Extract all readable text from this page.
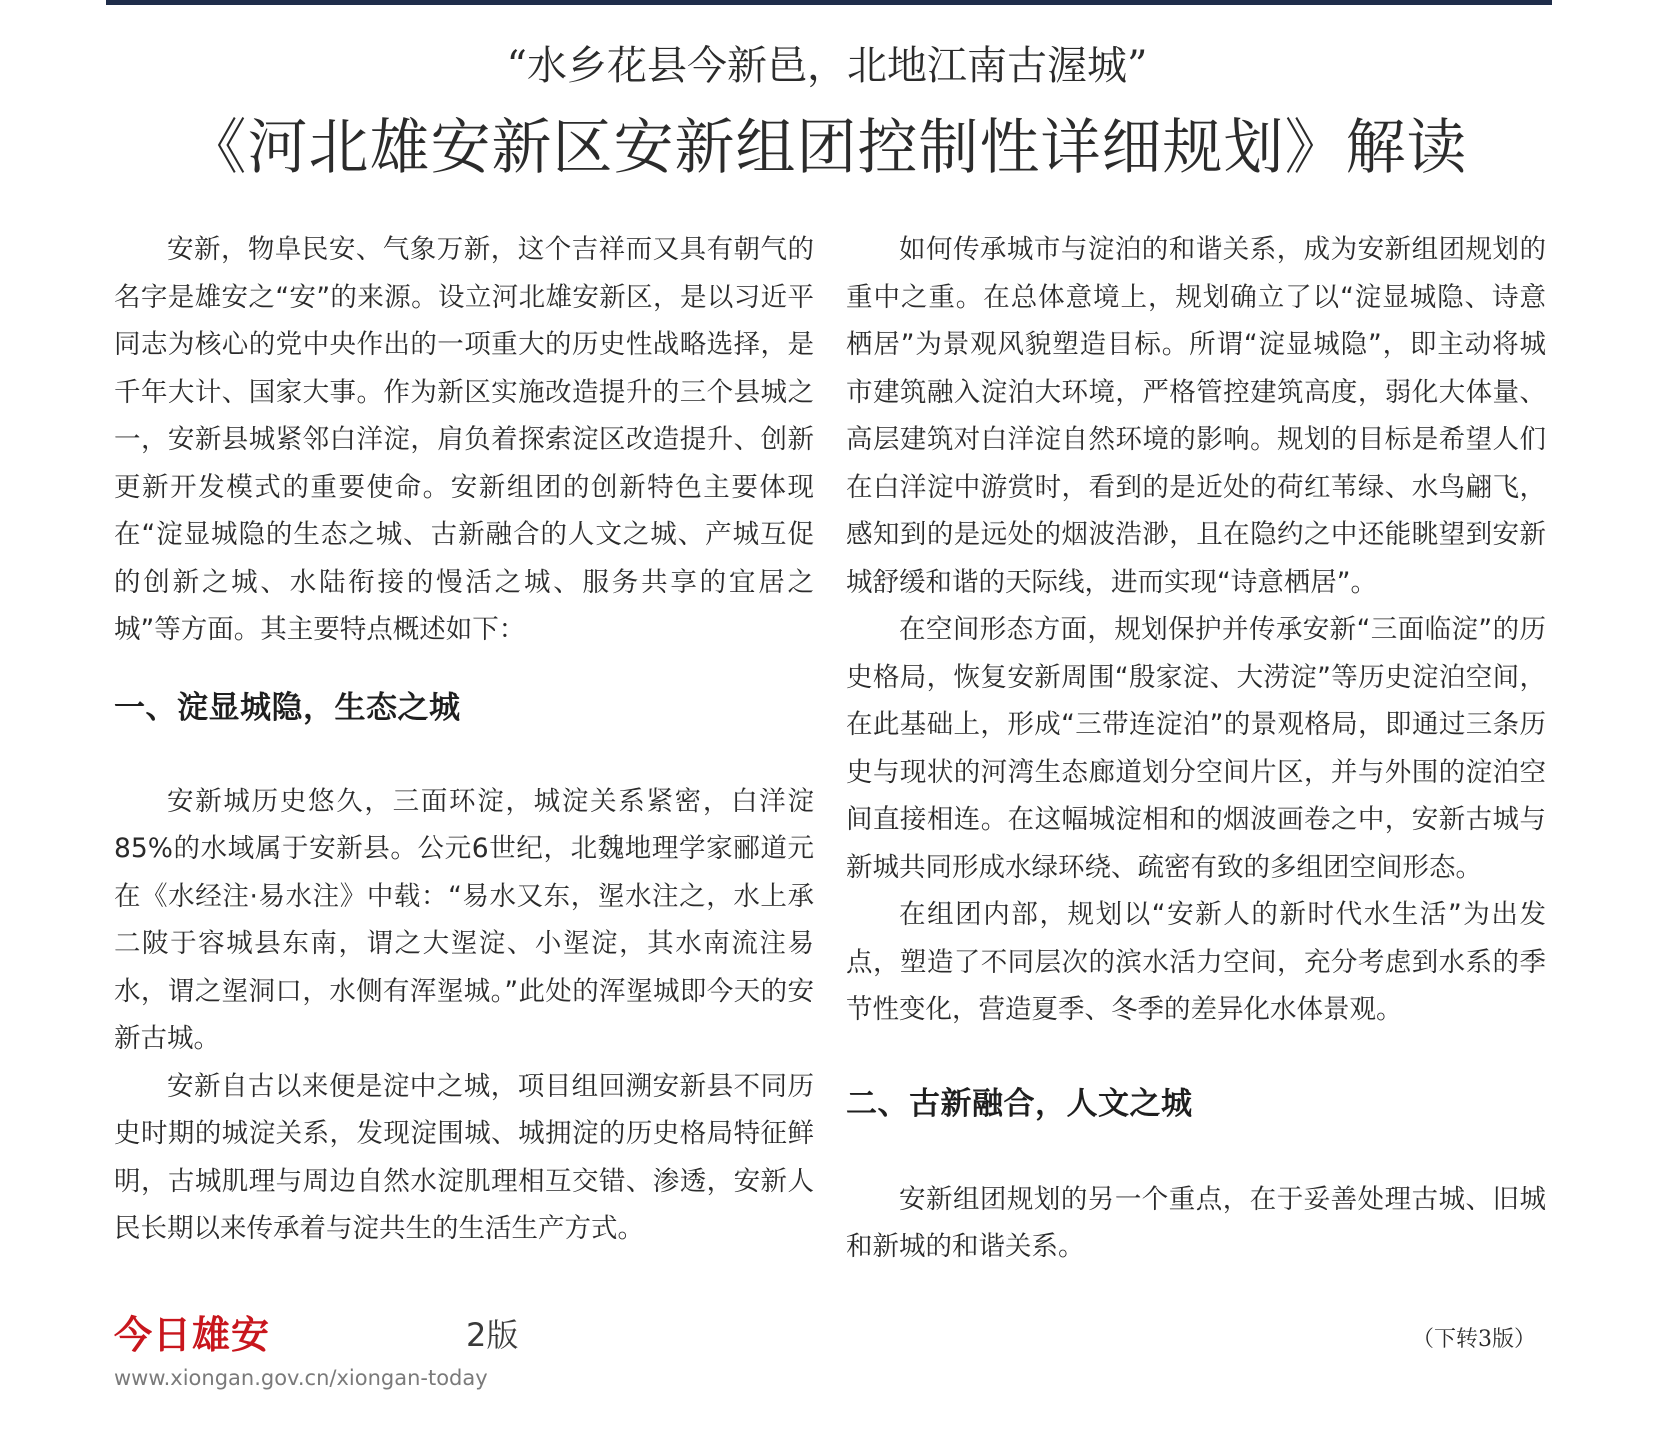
“水乡花县今新邑，北地江南古渥城”
《河北雄安新区安新组团控制性详细规划》解读

安新，物阜民安、气象万新，这个吉祥而又具有朝气的名字是雄安之“安”的来源。设立河北雄安新区，是以习近平同志为核心的党中央作出的一项重大的历史性战略选择，是千年大计、国家大事。作为新区实施改造提升的三个县城之一，安新县城紧邻白洋淀，肩负着探索淀区改造提升、创新更新开发模式的重要使命。安新组团的创新特色主要体现在“淀显城隐的生态之城、古新融合的人文之城、产城互促的创新之城、水陆衔接的慢活之城、服务共享的宜居之城”等方面。其主要特点概述如下：

一、淀显城隐，生态之城

安新城历史悠久，三面环淀，城淀关系紧密，白洋淀85%的水域属于安新县。公元6世纪，北魏地理学家郦道元在《水经注·易水注》中载：“易水又东，埿水注之，水上承二陂于容城县东南，谓之大埿淀、小埿淀，其水南流注易水，谓之埿洞口，水侧有浑埿城。”此处的浑埿城即今天的安新古城。

安新自古以来便是淀中之城，项目组回溯安新县不同历史时期的城淀关系，发现淀围城、城拥淀的历史格局特征鲜明，古城肌理与周边自然水淀肌理相互交错、渗透，安新人民长期以来传承着与淀共生的生活生产方式。

如何传承城市与淀泊的和谐关系，成为安新组团规划的重中之重。在总体意境上，规划确立了以“淀显城隐、诗意栖居”为景观风貌塑造目标。所谓“淀显城隐”，即主动将城市建筑融入淀泊大环境，严格管控建筑高度，弱化大体量、高层建筑对白洋淀自然环境的影响。规划的目标是希望人们在白洋淀中游赏时，看到的是近处的荷红苇绿、水鸟翩飞，感知到的是远处的烟波浩渺，且在隐约之中还能眺望到安新城舒缓和谐的天际线，进而实现“诗意栖居”。

在空间形态方面，规划保护并传承安新“三面临淀”的历史格局，恢复安新周围“殷家淀、大涝淀”等历史淀泊空间，在此基础上，形成“三带连淀泊”的景观格局，即通过三条历史与现状的河湾生态廊道划分空间片区，并与外围的淀泊空间直接相连。在这幅城淀相和的烟波画卷之中，安新古城与新城共同形成水绿环绕、疏密有致的多组团空间形态。

在组团内部，规划以“安新人的新时代水生活”为出发点，塑造了不同层次的滨水活力空间，充分考虑到水系的季节性变化，营造夏季、冬季的差异化水体景观。

二、古新融合，人文之城

安新组团规划的另一个重点，在于妥善处理古城、旧城和新城的和谐关系。

（下转3版）
今日雄安	2版
www.xiongan.gov.cn/xiongan-today
